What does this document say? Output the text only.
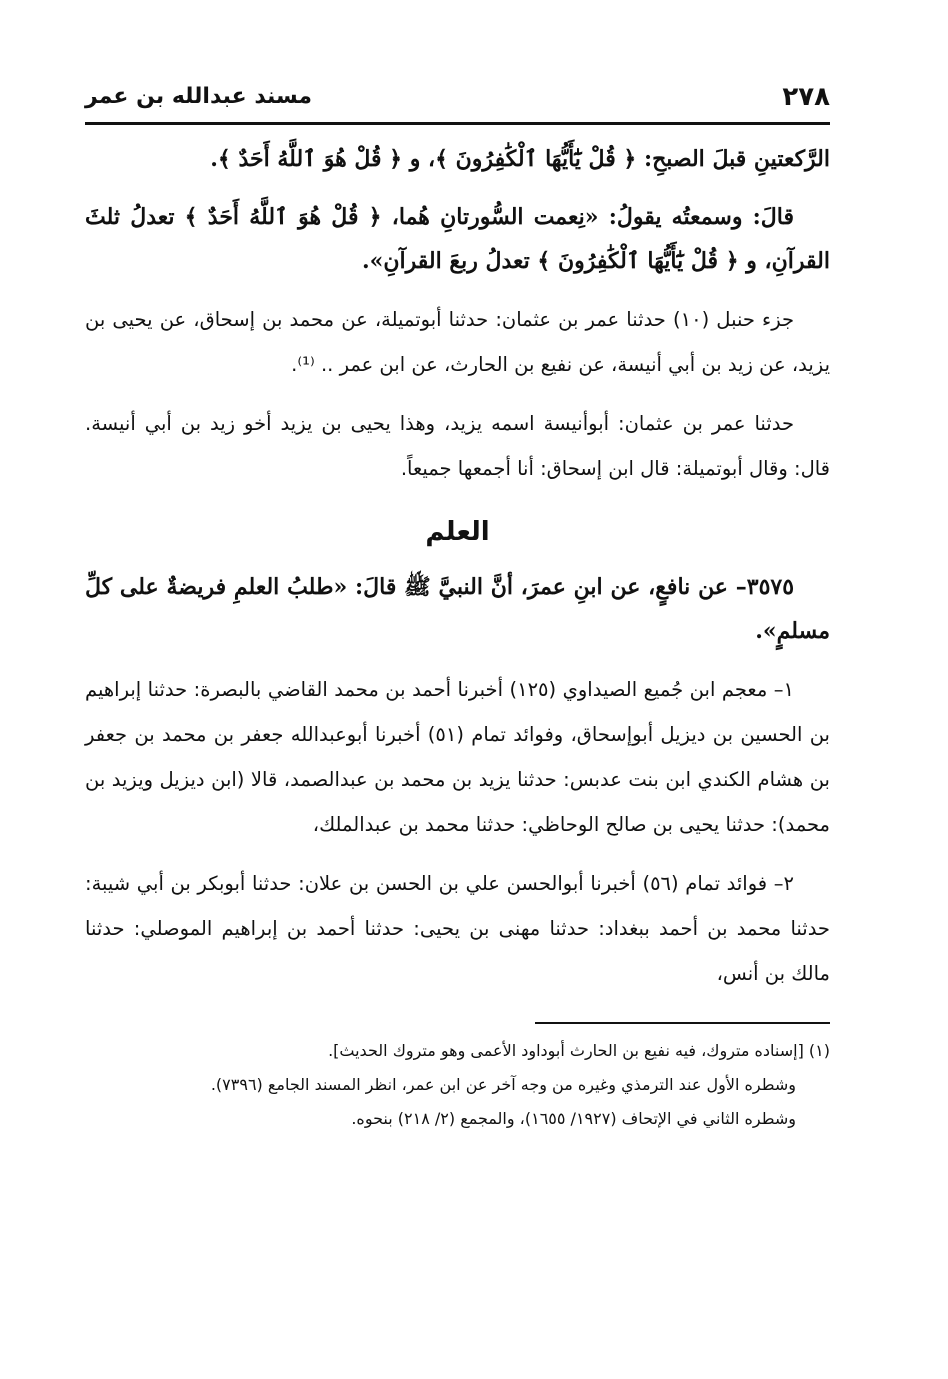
٢٧٨
مسند عبدالله بن عمر

الرَّكعتينِ قبلَ الصبحِ: ﴿ قُلْ يَٰٓأَيُّهَا ٱلْكَٰفِرُونَ ﴾، و ﴿ قُلْ هُوَ ٱللَّهُ أَحَدٌ ﴾.

قالَ: وسمعتُه يقولُ: «نِعمت السُّورتانِ هُما، ﴿ قُلْ هُوَ ٱللَّهُ أَحَدٌ ﴾ تعدلُ ثلثَ القرآنِ، و ﴿ قُلْ يَٰٓأَيُّهَا ٱلْكَٰفِرُونَ ﴾ تعدلُ ربعَ القرآنِ».

جزء حنبل (١٠) حدثنا عمر بن عثمان: حدثنا أبوتميلة، عن محمد بن إسحاق، عن يحيى بن يزيد، عن زيد بن أبي أنيسة، عن نفيع بن الحارث، عن ابن عمر .. ⁽¹⁾.

حدثنا عمر بن عثمان: أبوأنيسة اسمه يزيد، وهذا يحيى بن يزيد أخو زيد بن أبي أنيسة. قال: وقال أبوتميلة: قال ابن إسحاق: أنا أجمعها جميعاً.

العلم

٣٥٧٥– عن نافعٍ، عن ابنِ عمرَ، أنَّ النبيَّ ﷺ قالَ: «طلبُ العلمِ فريضةٌ على كلِّ مسلمٍ».

١– معجم ابن جُميع الصيداوي (١٢٥) أخبرنا أحمد بن محمد القاضي بالبصرة: حدثنا إبراهيم بن الحسين بن ديزيل أبوإسحاق، وفوائد تمام (٥١) أخبرنا أبوعبدالله جعفر بن محمد بن جعفر بن هشام الكندي ابن بنت عدبس: حدثنا يزيد بن محمد بن عبدالصمد، قالا (ابن ديزيل ويزيد بن محمد): حدثنا يحيى بن صالح الوحاظي: حدثنا محمد بن عبدالملك،

٢– فوائد تمام (٥٦) أخبرنا أبوالحسن علي بن الحسن بن علان: حدثنا أبوبكر بن أبي شيبة: حدثنا محمد بن أحمد ببغداد: حدثنا مهنى بن يحيى: حدثنا أحمد بن إبراهيم الموصلي: حدثنا مالك بن أنس،

(١) [إسناده متروك، فيه نفيع بن الحارث أبوداود الأعمى وهو متروك الحديث].

وشطره الأول عند الترمذي وغيره من وجه آخر عن ابن عمر، انظر المسند الجامع (٧٣٩٦).

وشطره الثاني في الإتحاف (١٩٢٧/ ١٦٥٥)، والمجمع (٢/ ٢١٨) بنحوه.
